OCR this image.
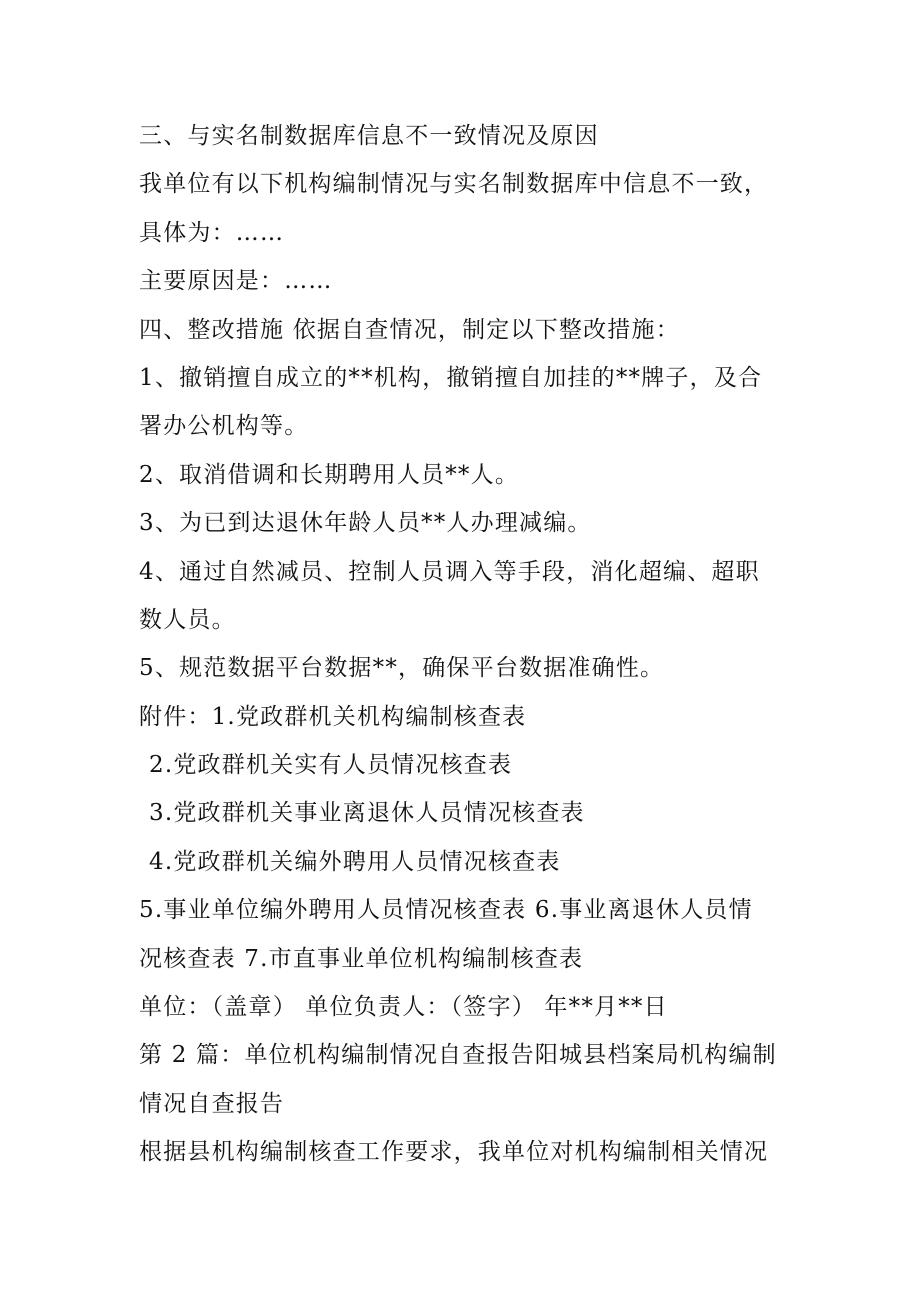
三、与实名制数据库信息不一致情况及原因
我单位有以下机构编制情况与实名制数据库中信息不一致，
具体为：……
主要原因是：……
四、整改措施 依据自查情况，制定以下整改措施：
1、撤销擅自成立的**机构，撤销擅自加挂的**牌子，及合
署办公机构等。
2、取消借调和长期聘用人员**人。
3、为已到达退休年龄人员**人办理减编。
4、通过自然减员、控制人员调入等手段，消化超编、超职
数人员。
5、规范数据平台数据**，确保平台数据准确性。
附件：1.党政群机关机构编制核查表
2.党政群机关实有人员情况核查表
3.党政群机关事业离退休人员情况核查表
4.党政群机关编外聘用人员情况核查表
5.事业单位编外聘用人员情况核查表 6.事业离退休人员情
况核查表 7.市直事业单位机构编制核查表
单位：（盖章） 单位负责人：（签字） 年**月**日
第 2 篇：单位机构编制情况自查报告阳城县档案局机构编制
情况自查报告
根据县机构编制核查工作要求，我单位对机构编制相关情况
